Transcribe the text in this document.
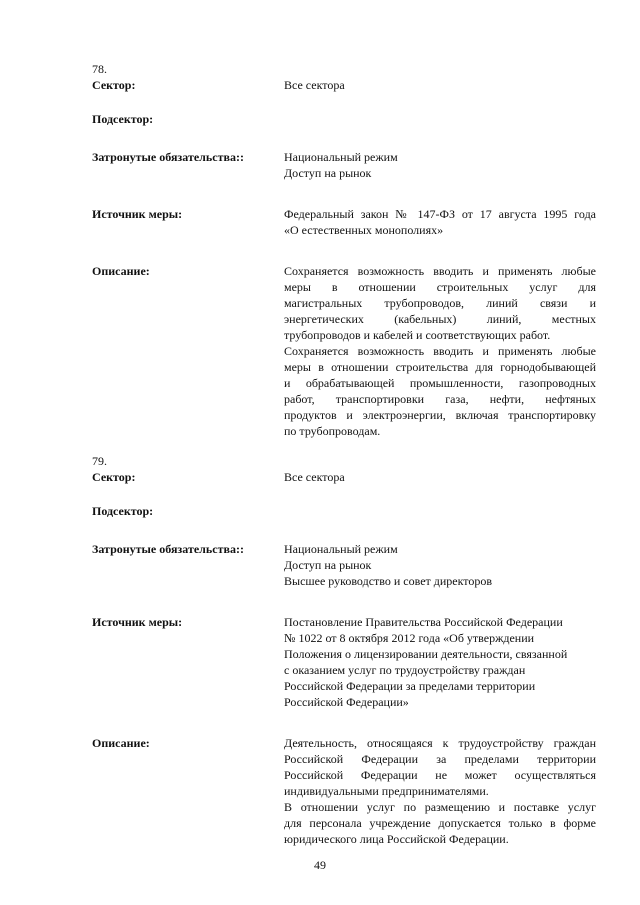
78.
Сектор:	Все сектора
Подсектор:
Затронутые обязательства::	Национальный режим
Доступ на рынок
Источник меры:	Федеральный закон № 147-ФЗ от 17 августа 1995 года
«О естественных монополиях»
Описание:	Сохраняется возможность вводить и применять любые
меры в отношении строительных услуг для
магистральных трубопроводов, линий связи и
энергетических (кабельных) линий, местных
трубопроводов и кабелей и соответствующих работ.
Сохраняется возможность вводить и применять любые
меры в отношении строительства для горнодобывающей
и обрабатывающей промышленности, газопроводных
работ, транспортировки газа, нефти, нефтяных
продуктов и электроэнергии, включая транспортировку
по трубопроводам.
79.
Сектор:	Все сектора
Подсектор:
Затронутые обязательства::	Национальный режим
Доступ на рынок
Высшее руководство и совет директоров
Источник меры:	Постановление Правительства Российской Федерации
№ 1022 от 8 октября 2012 года «Об утверждении
Положения о лицензировании деятельности, связанной
с оказанием услуг по трудоустройству граждан
Российской Федерации за пределами территории
Российской Федерации»
Описание:	Деятельность, относящаяся к трудоустройству граждан
Российской Федерации за пределами территории
Российской Федерации не может осуществляться
индивидуальными предпринимателями.
В отношении услуг по размещению и поставке услуг
для персонала учреждение допускается только в форме
юридического лица Российской Федерации.
49
